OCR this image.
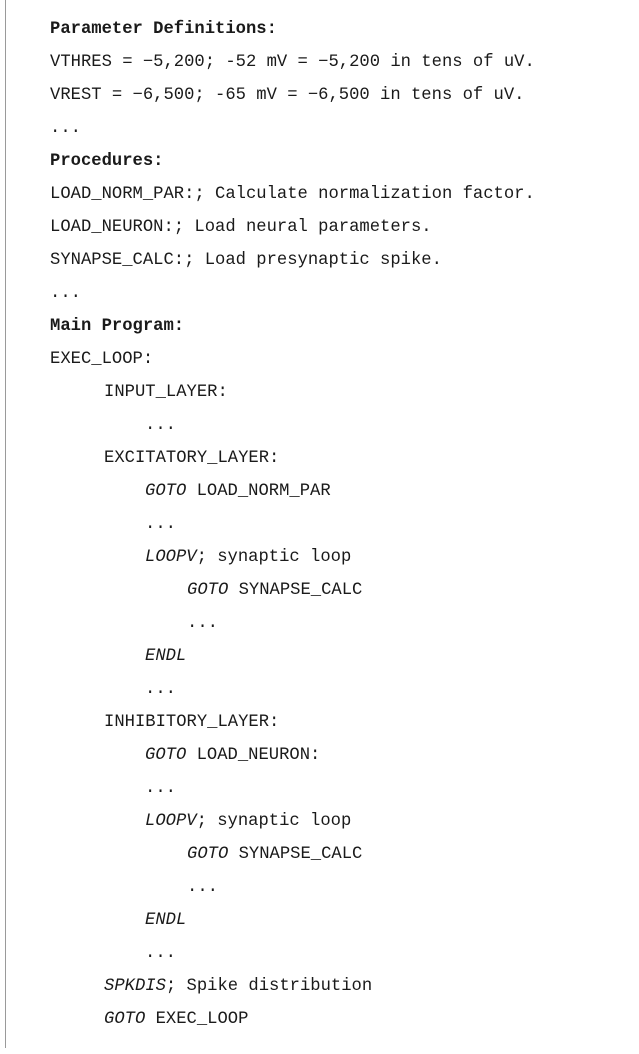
Parameter Definitions:

VTHRES = −5,200; -52 mV = −5,200 in tens of uV.

VREST = −6,500; -65 mV = −6,500 in tens of uV.

...

Procedures:

LOAD_NORM_PAR:; Calculate normalization factor.

LOAD_NEURON:; Load neural parameters.

SYNAPSE_CALC:; Load presynaptic spike.

...

Main Program:

EXEC_LOOP:

INPUT_LAYER:

...

EXCITATORY_LAYER:

GOTO LOAD_NORM_PAR

...

LOOPV; synaptic loop

GOTO SYNAPSE_CALC

...

ENDL

...

INHIBITORY_LAYER:

GOTO LOAD_NEURON:

...

LOOPV; synaptic loop

GOTO SYNAPSE_CALC

...

ENDL

...

SPKDIS; Spike distribution

GOTO EXEC_LOOP
